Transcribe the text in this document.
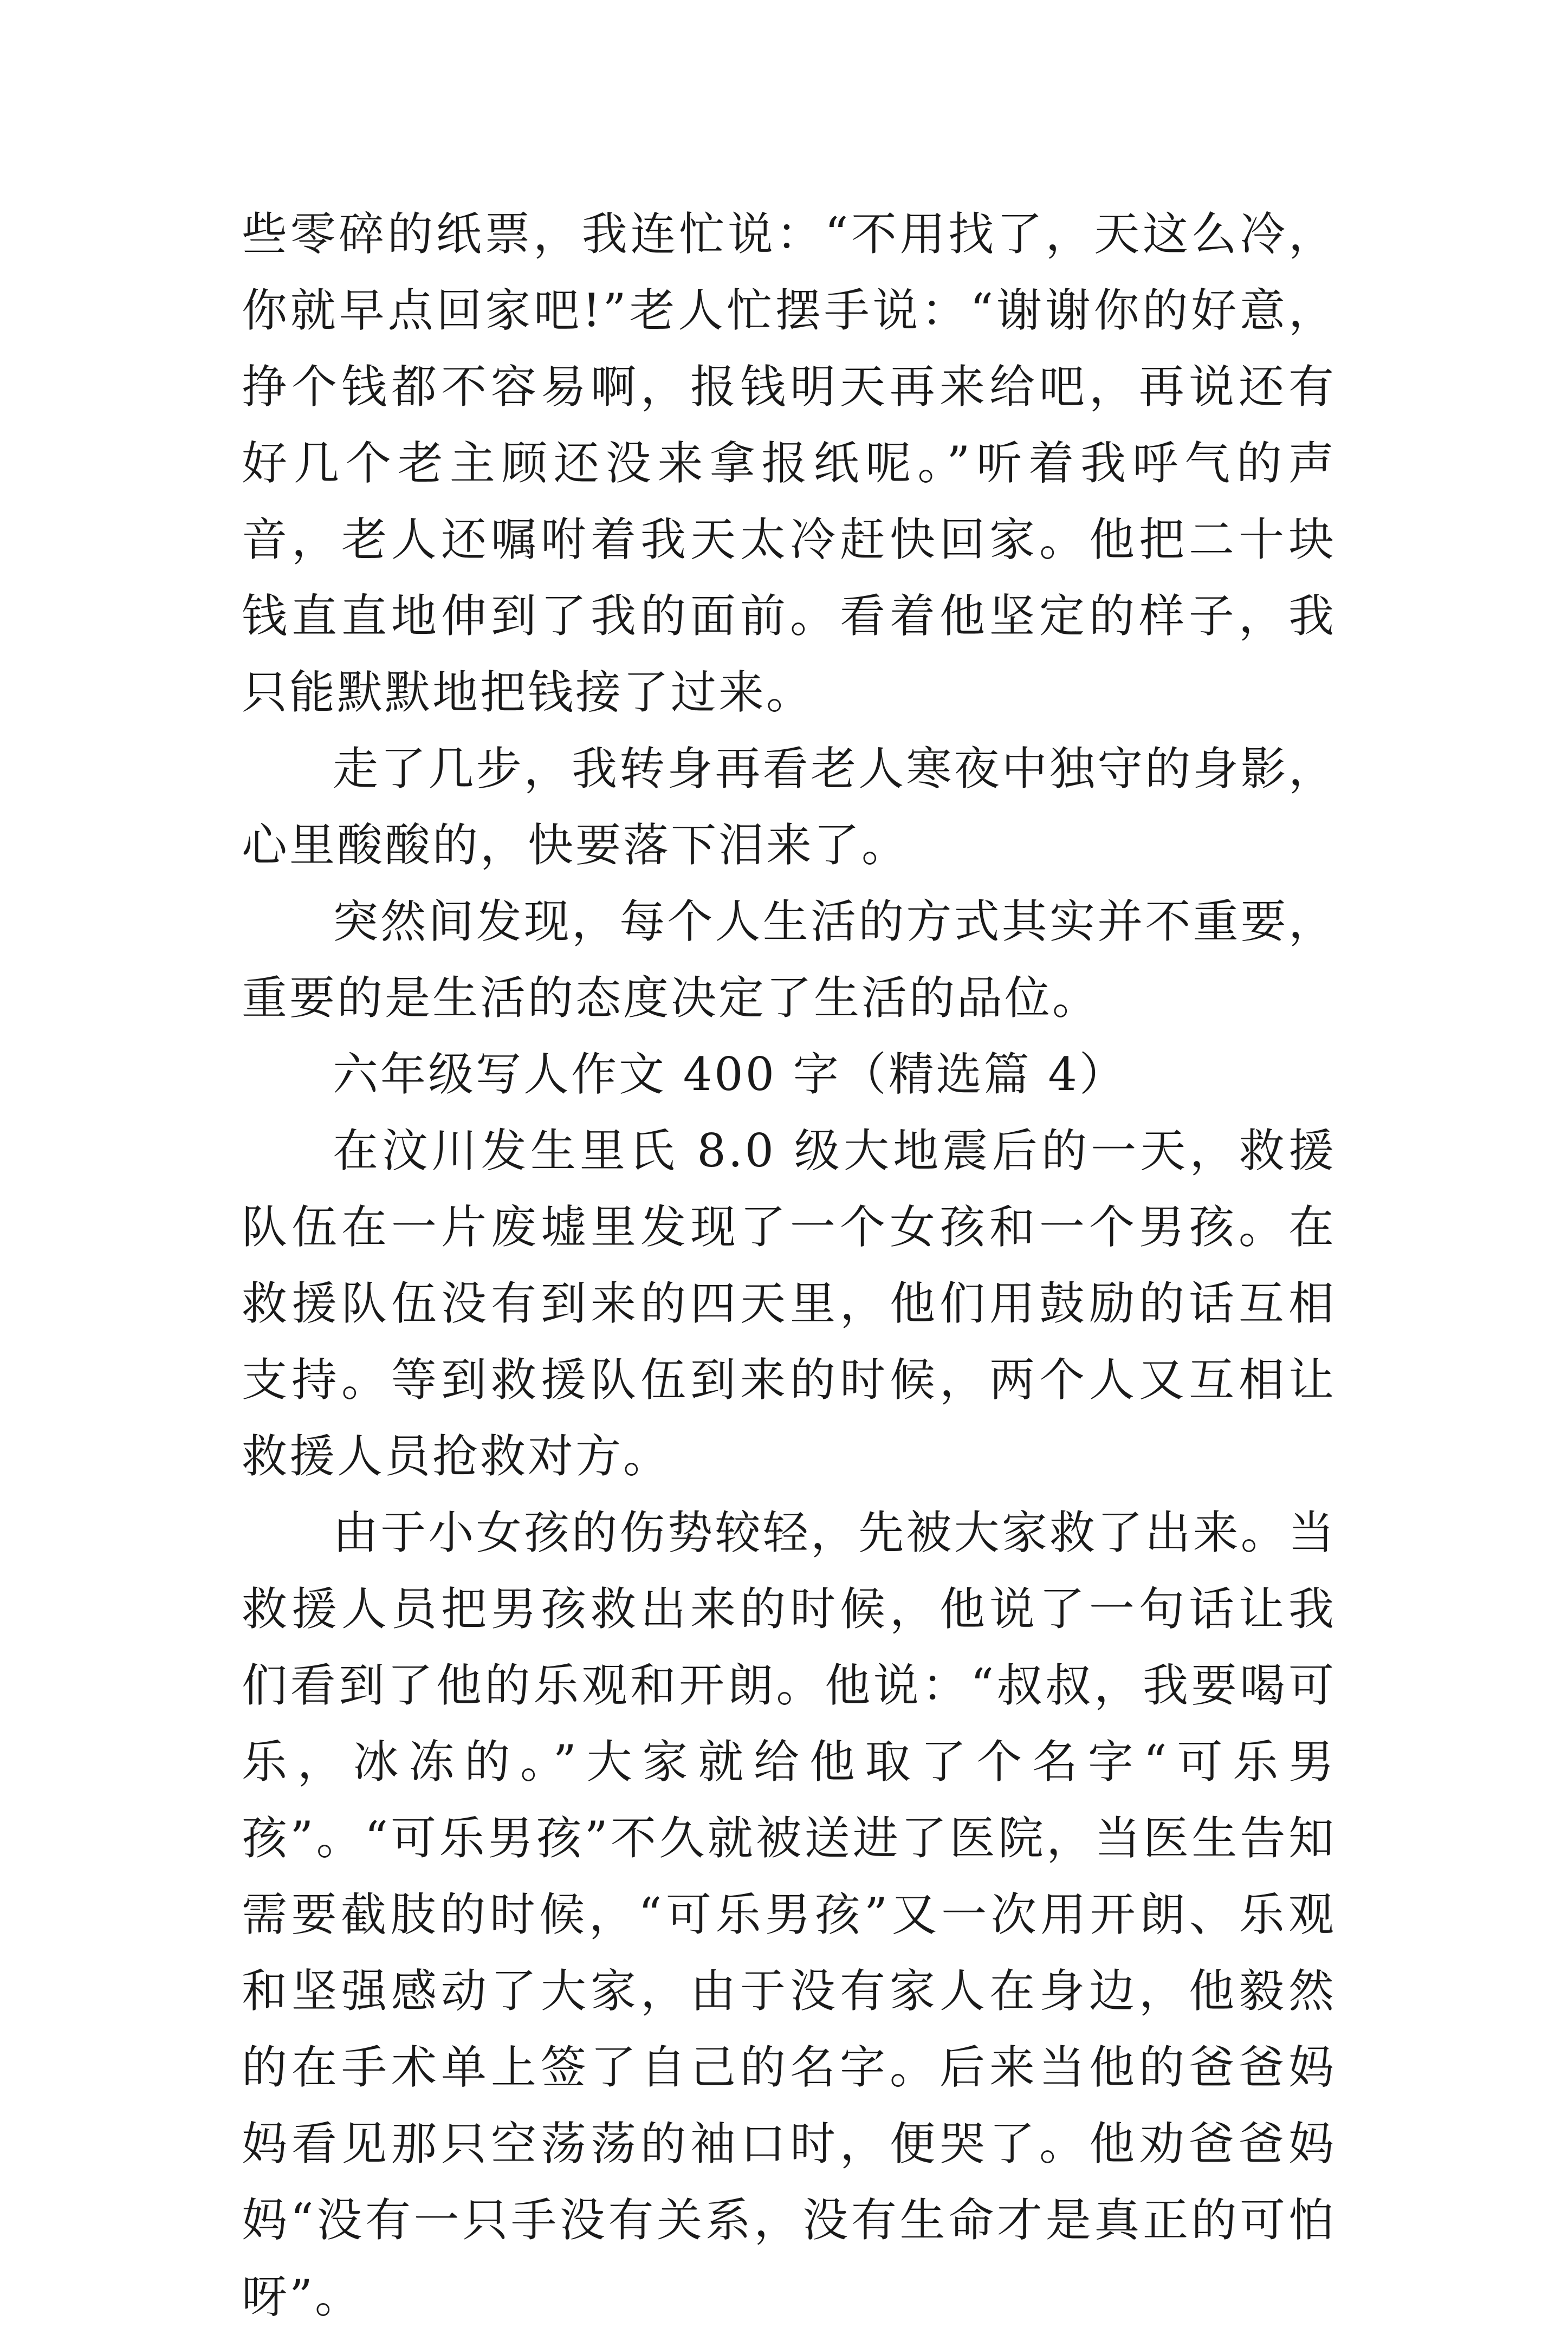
些零碎的纸票，我连忙说：“不用找了，天这么冷，你就早点回家吧!”老人忙摆手说：“谢谢你的好意，挣个钱都不容易啊，报钱明天再来给吧，再说还有好几个老主顾还没来拿报纸呢。”听着我呼气的声音，老人还嘱咐着我天太冷赶快回家。他把二十块钱直直地伸到了我的面前。看着他坚定的样子，我只能默默地把钱接了过来。

走了几步，我转身再看老人寒夜中独守的身影，心里酸酸的，快要落下泪来了。

突然间发现，每个人生活的方式其实并不重要，重要的是生活的态度决定了生活的品位。

六年级写人作文 400 字（精选篇 4）

在汶川发生里氏 8.0 级大地震后的一天，救援队伍在一片废墟里发现了一个女孩和一个男孩。在救援队伍没有到来的四天里，他们用鼓励的话互相支持。等到救援队伍到来的时候，两个人又互相让救援人员抢救对方。

由于小女孩的伤势较轻，先被大家救了出来。当救援人员把男孩救出来的时候，他说了一句话让我们看到了他的乐观和开朗。他说：“叔叔，我要喝可乐，冰冻的。”大家就给他取了个名字“可乐男孩”。“可乐男孩”不久就被送进了医院，当医生告知需要截肢的时候，“可乐男孩”又一次用开朗、乐观和坚强感动了大家，由于没有家人在身边，他毅然的在手术单上签了自己的名字。后来当他的爸爸妈妈看见那只空荡荡的袖口时，便哭了。他劝爸爸妈妈“没有一只手没有关系，没有生命才是真正的可怕呀”。
